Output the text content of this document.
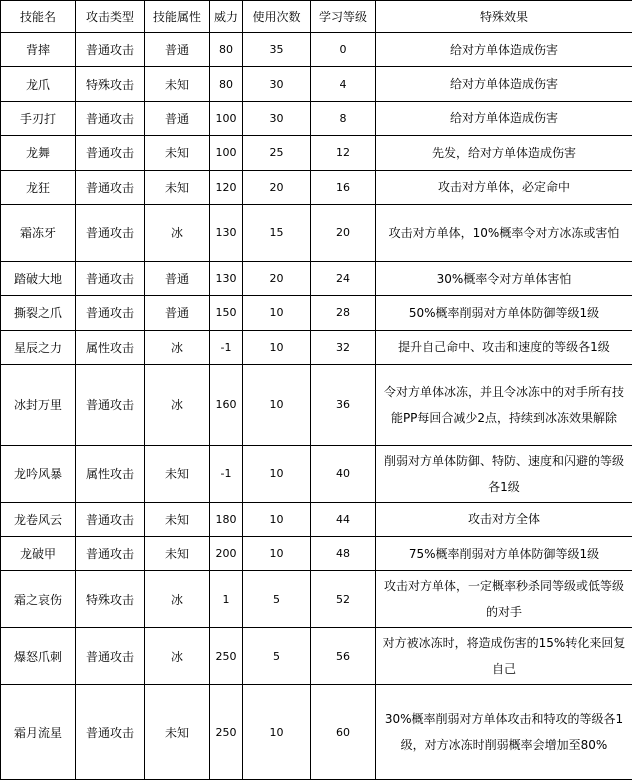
技能名	攻击类型	技能属性	威力	使用次数	学习等级	特殊效果
背摔	普通攻击	普通	80	35	0	给对方单体造成伤害
龙爪	特殊攻击	未知	80	30	4	给对方单体造成伤害
手刃打	普通攻击	普通	100	30	8	给对方单体造成伤害
龙舞	普通攻击	未知	100	25	12	先发，给对方单体造成伤害
龙狂	普通攻击	未知	120	20	16	攻击对方单体，必定命中
霜冻牙	普通攻击	冰	130	15	20	攻击对方单体，10%概率令对方冰冻或害怕
踏破大地	普通攻击	普通	130	20	24	30%概率令对方单体害怕
撕裂之爪	普通攻击	普通	150	10	28	50%概率削弱对方单体防御等级1级
星辰之力	属性攻击	冰	-1	10	32	提升自己命中、攻击和速度的等级各1级
冰封万里	普通攻击	冰	160	10	36	令对方单体冰冻，并且令冰冻中的对手所有技能PP每回合减少2点，持续到冰冻效果解除
龙吟风暴	属性攻击	未知	-1	10	40	削弱对方单体防御、特防、速度和闪避的等级各1级
龙卷风云	普通攻击	未知	180	10	44	攻击对方全体
龙破甲	普通攻击	未知	200	10	48	75%概率削弱对方单体防御等级1级
霜之哀伤	特殊攻击	冰	1	5	52	攻击对方单体，一定概率秒杀同等级或低等级的对手
爆怒爪刺	普通攻击	冰	250	5	56	对方被冰冻时，将造成伤害的15%转化来回复自己
霜月流星	普通攻击	未知	250	10	60	30%概率削弱对方单体攻击和特攻的等级各1级，对方冰冻时削弱概率会增加至80%
